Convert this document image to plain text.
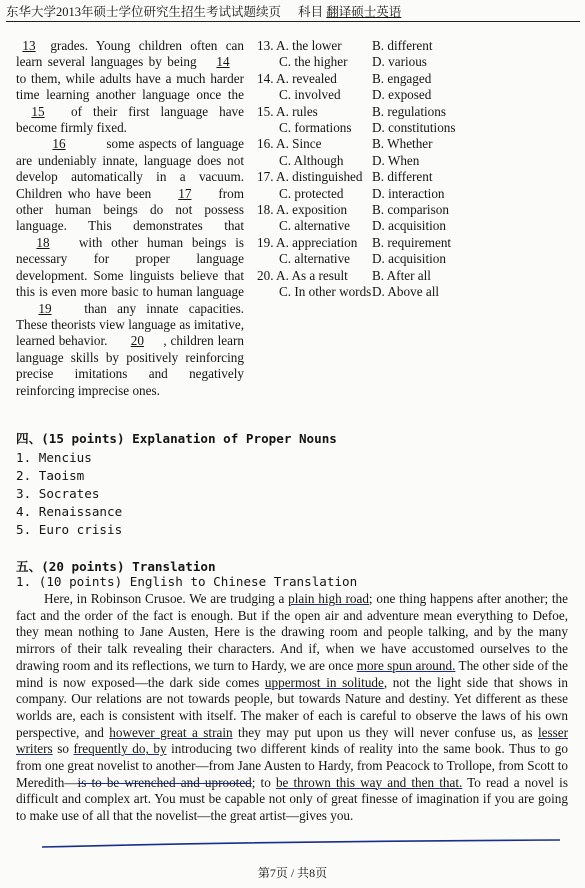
东华大学2013年硕士学位研究生招生考试试题续页 科目 翻译硕士英语

13 grades. Young children often can learn several languages by being 14 to them, while adults have a much harder time learning another language once the 15 of their first language have become firmly fixed.

16	some aspects of language are undeniably innate, language does not develop automatically in a vacuum. Children who have been 17 from other human beings do not possess language. This demonstrates that 18 with other human beings is necessary for proper language development. Some linguists believe that this is even more basic to human language 19 than any innate capacities. These theorists view language as imitative, learned behavior. 20 , children learn language skills by positively reinforcing precise imitations and negatively reinforcing imprecise ones.

13. A. the lower	B. different
C. the higher	D. various
14. A. revealed	B. engaged
C. involved	D. exposed
15. A. rules	B. regulations
C. formations	D. constitutions
16. A. Since	B. Whether
C. Although	D. When
17. A. distinguished B. different
C. protected	D. interaction
18. A. exposition	B. comparison
C. alternative	D. acquisition
19. A. appreciation	B. requirement
C. alternative	D. acquisition
20. A. As a result	B. After all
C. In other words D. Above all
四、(15 points) Explanation of Proper Nouns
1. Mencius
2. Taoism
3. Socrates
4. Renaissance
5. Euro crisis
五、(20 points) Translation
1. (10 points) English to Chinese Translation

Here, in Robinson Crusoe. We are trudging a plain high road; one thing happens after another; the fact and the order of the fact is enough. But if the open air and adventure mean everything to Defoe, they mean nothing to Jane Austen, Here is the drawing room and people talking, and by the many mirrors of their talk revealing their characters. And if, when we have accustomed ourselves to the drawing room and its reflections, we turn to Hardy, we are once more spun around. The other side of the mind is now exposed—the dark side comes uppermost in solitude, not the light side that shows in company. Our relations are not towards people, but towards Nature and destiny. Yet different as these worlds are, each is consistent with itself. The maker of each is careful to observe the laws of his own perspective, and however great a strain they may put upon us they will never confuse us, as lesser writers so frequently do, by introducing two different kinds of reality into the same book. Thus to go from one great novelist to another—from Jane Austen to Hardy, from Peacock to Trollope, from Scott to Meredith—is to be wrenched and uprooted; to be thrown this way and then that. To read a novel is difficult and complex art. You must be capable not only of great finesse of imagination if you are going to make use of all that the novelist—the great artist—gives you.

第7页 / 共8页
